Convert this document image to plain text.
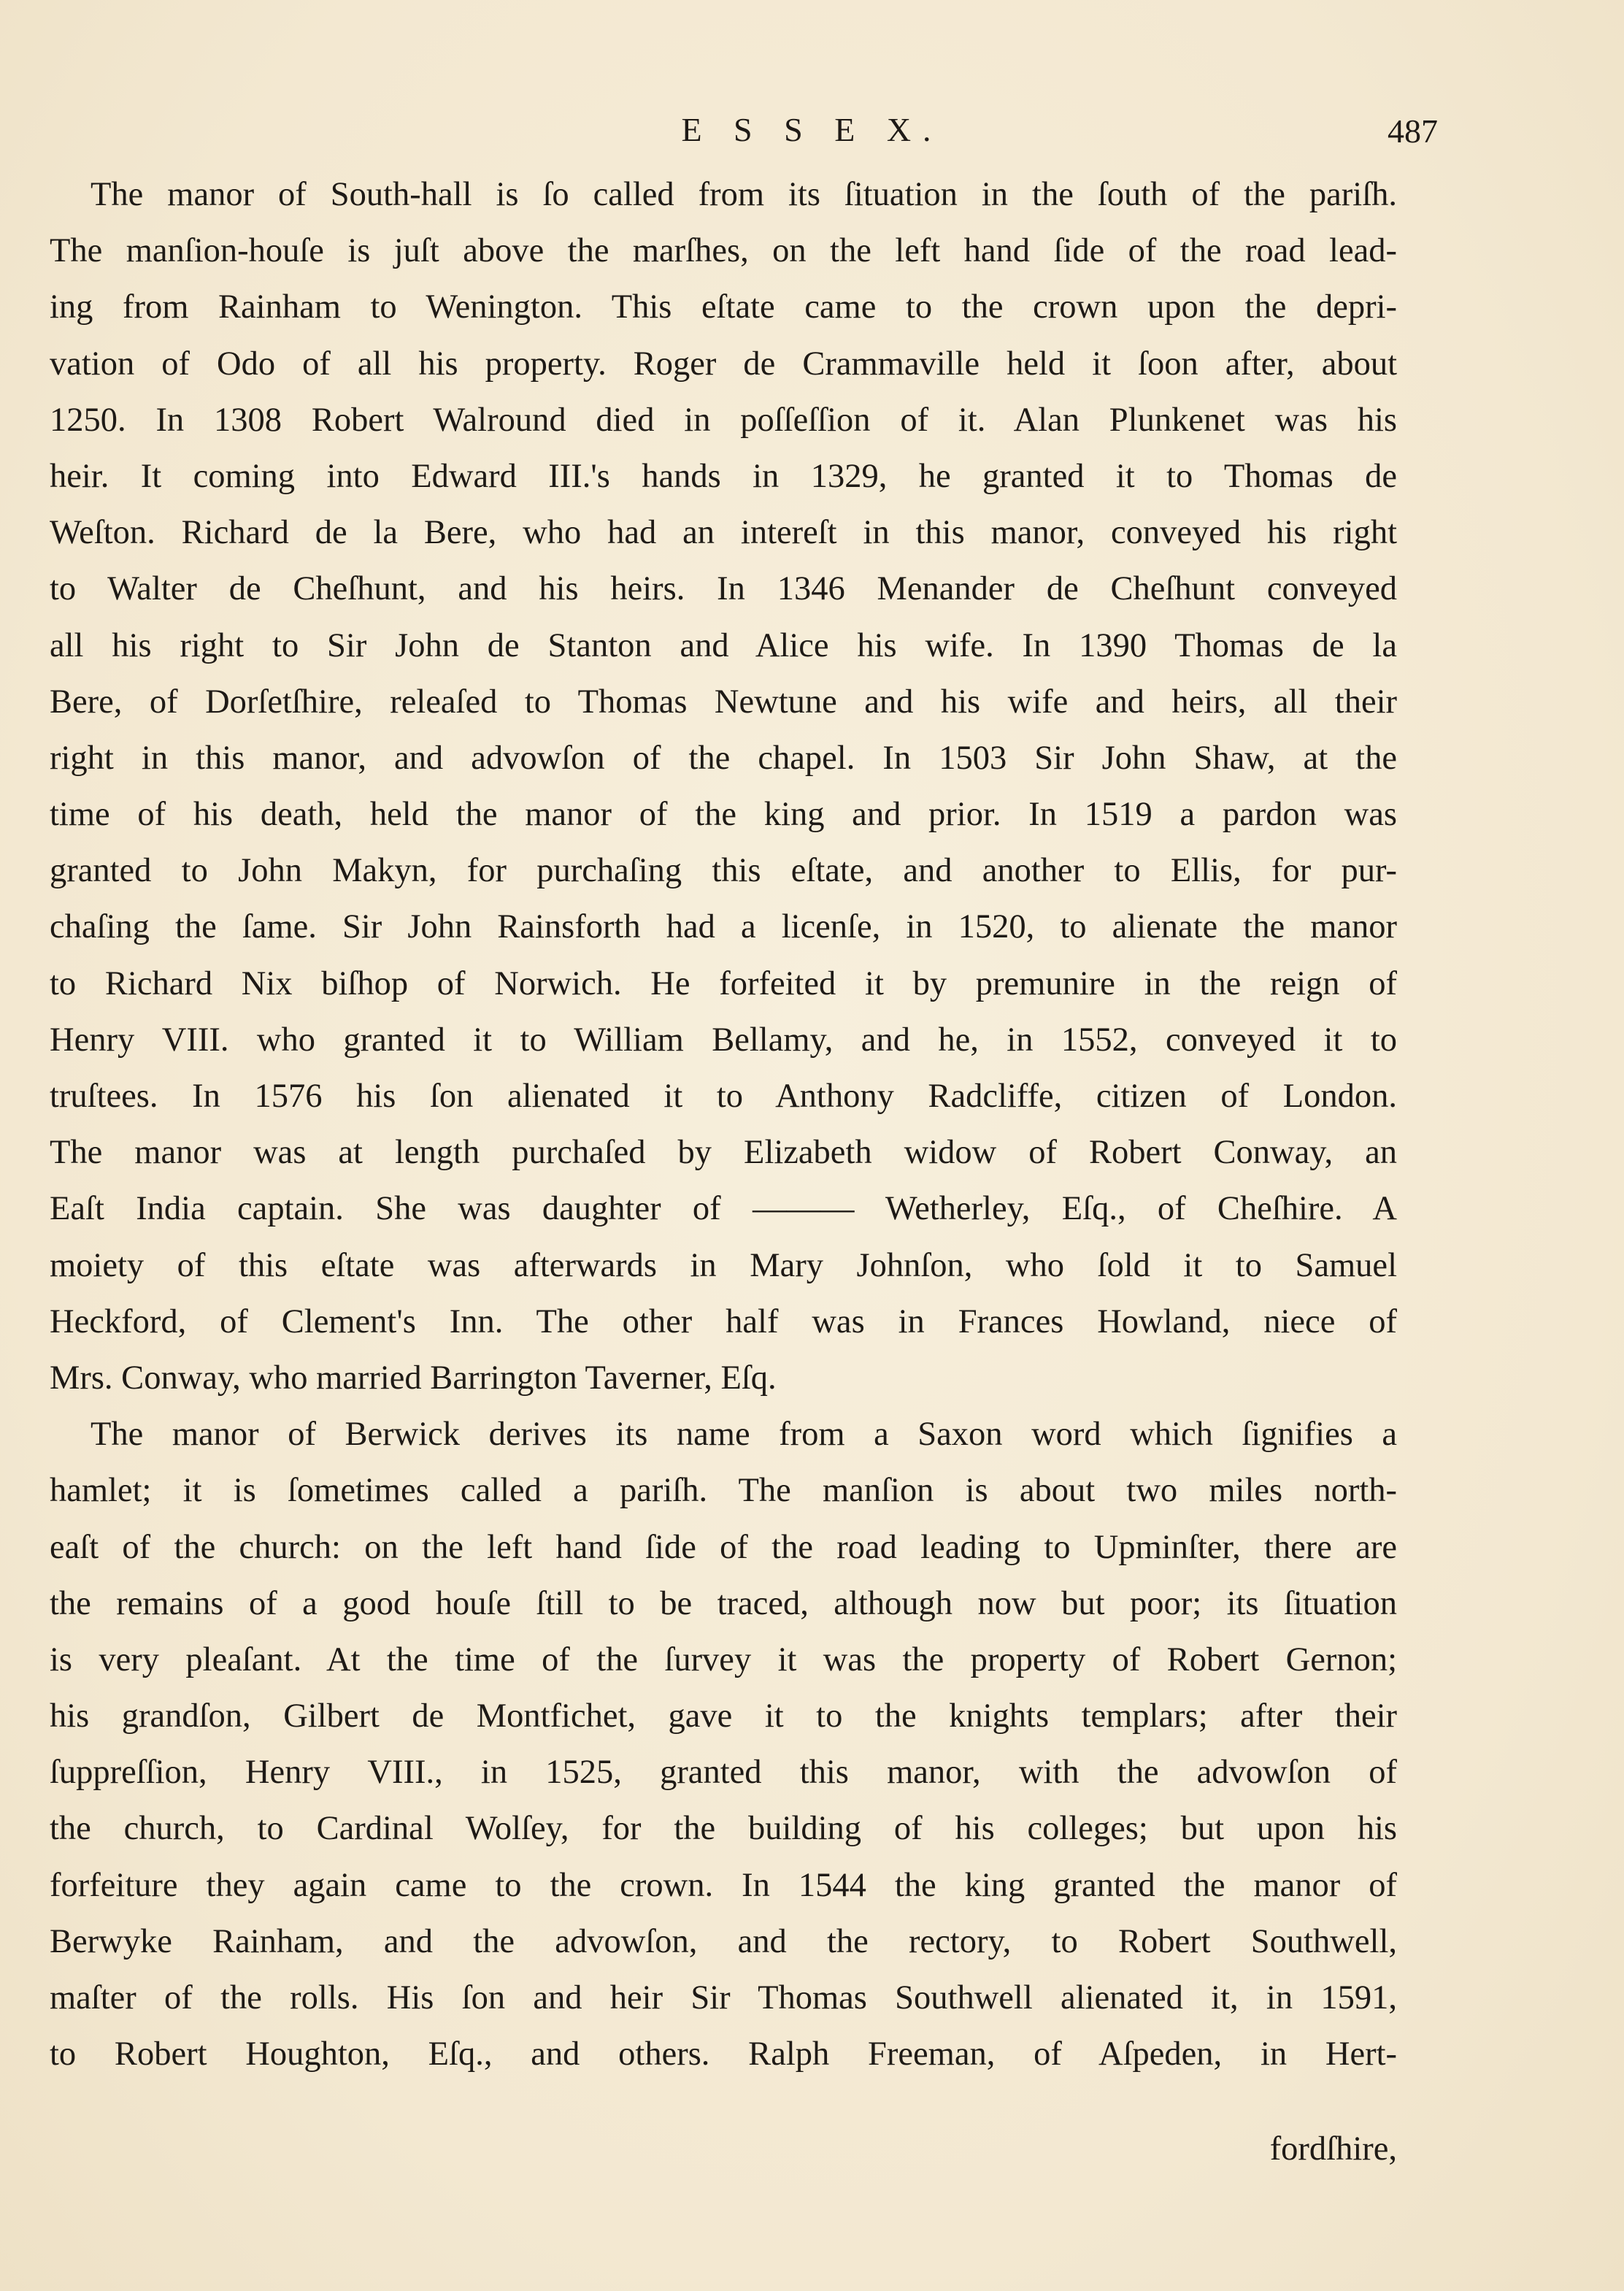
E S S E X.	487
The manor of South-hall is ſo called from its ſituation in the ſouth of the pariſh.
The manſion-houſe is juſt above the marſhes, on the left hand ſide of the road lead-
ing from Rainham to Wenington. This eſtate came to the crown upon the depri-
vation of Odo of all his property. Roger de Crammaville held it ſoon after, about
1250. In 1308 Robert Walround died in poſſeſſion of it. Alan Plunkenet was his
heir. It coming into Edward III.'s hands in 1329, he granted it to Thomas de
Weſton. Richard de la Bere, who had an intereſt in this manor, conveyed his right
to Walter de Cheſhunt, and his heirs. In 1346 Menander de Cheſhunt conveyed
all his right to Sir John de Stanton and Alice his wife. In 1390 Thomas de la
Bere, of Dorſetſhire, releaſed to Thomas Newtune and his wife and heirs, all their
right in this manor, and advowſon of the chapel. In 1503 Sir John Shaw, at the
time of his death, held the manor of the king and prior. In 1519 a pardon was
granted to John Makyn, for purchaſing this eſtate, and another to Ellis, for pur-
chaſing the ſame. Sir John Rainsforth had a licenſe, in 1520, to alienate the manor
to Richard Nix biſhop of Norwich. He forfeited it by premunire in the reign of
Henry VIII. who granted it to William Bellamy, and he, in 1552, conveyed it to
truſtees. In 1576 his ſon alienated it to Anthony Radcliffe, citizen of London.
The manor was at length purchaſed by Elizabeth widow of Robert Conway, an
Eaſt India captain. She was daughter of ——— Wetherley, Eſq., of Cheſhire. A
moiety of this eſtate was afterwards in Mary Johnſon, who ſold it to Samuel
Heckford, of Clement's Inn. The other half was in Frances Howland, niece of
Mrs. Conway, who married Barrington Taverner, Eſq.
The manor of Berwick derives its name from a Saxon word which ſignifies a
hamlet; it is ſometimes called a pariſh. The manſion is about two miles north-
eaſt of the church: on the left hand ſide of the road leading to Upminſter, there are
the remains of a good houſe ſtill to be traced, although now but poor; its ſituation
is very pleaſant. At the time of the ſurvey it was the property of Robert Gernon;
his grandſon, Gilbert de Montfichet, gave it to the knights templars; after their
ſuppreſſion, Henry VIII., in 1525, granted this manor, with the advowſon of
the church, to Cardinal Wolſey, for the building of his colleges; but upon his
forfeiture they again came to the crown. In 1544 the king granted the manor of
Berwyke Rainham, and the advowſon, and the rectory, to Robert Southwell,
maſter of the rolls. His ſon and heir Sir Thomas Southwell alienated it, in 1591,
to Robert Houghton, Eſq., and others. Ralph Freeman, of Aſpeden, in Hert-
fordſhire,
